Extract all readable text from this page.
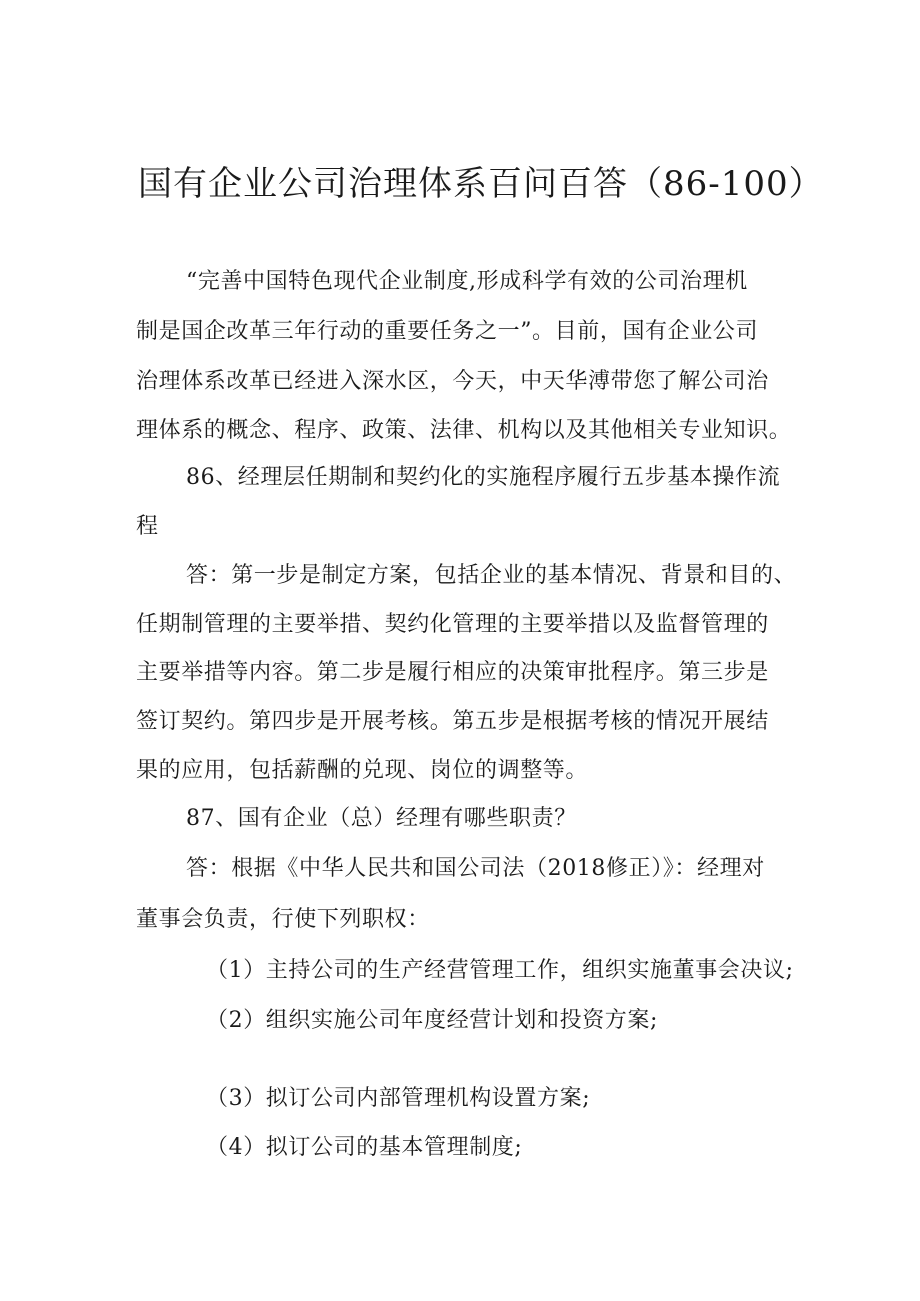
国有企业公司治理体系百问百答（86-100）
“完善中国特色现代企业制度,形成科学有效的公司治理机
制是国企改革三年行动的重要任务之一”。目前，国有企业公司
治理体系改革已经进入深水区，今天，中天华溥带您了解公司治
理体系的概念、程序、政策、法律、机构以及其他相关专业知识。
86、经理层任期制和契约化的实施程序履行五步基本操作流
程
答：第一步是制定方案，包括企业的基本情况、背景和目的、
任期制管理的主要举措、契约化管理的主要举措以及监督管理的
主要举措等内容。第二步是履行相应的决策审批程序。第三步是
签订契约。第四步是开展考核。第五步是根据考核的情况开展结
果的应用，包括薪酬的兑现、岗位的调整等。
87、国有企业（总）经理有哪些职责？
答：根据《中华人民共和国公司法（2018修正）》：经理对
董事会负责，行使下列职权：
（1）主持公司的生产经营管理工作，组织实施董事会决议;
（2）组织实施公司年度经营计划和投资方案;
（3）拟订公司内部管理机构设置方案;
（4）拟订公司的基本管理制度;
